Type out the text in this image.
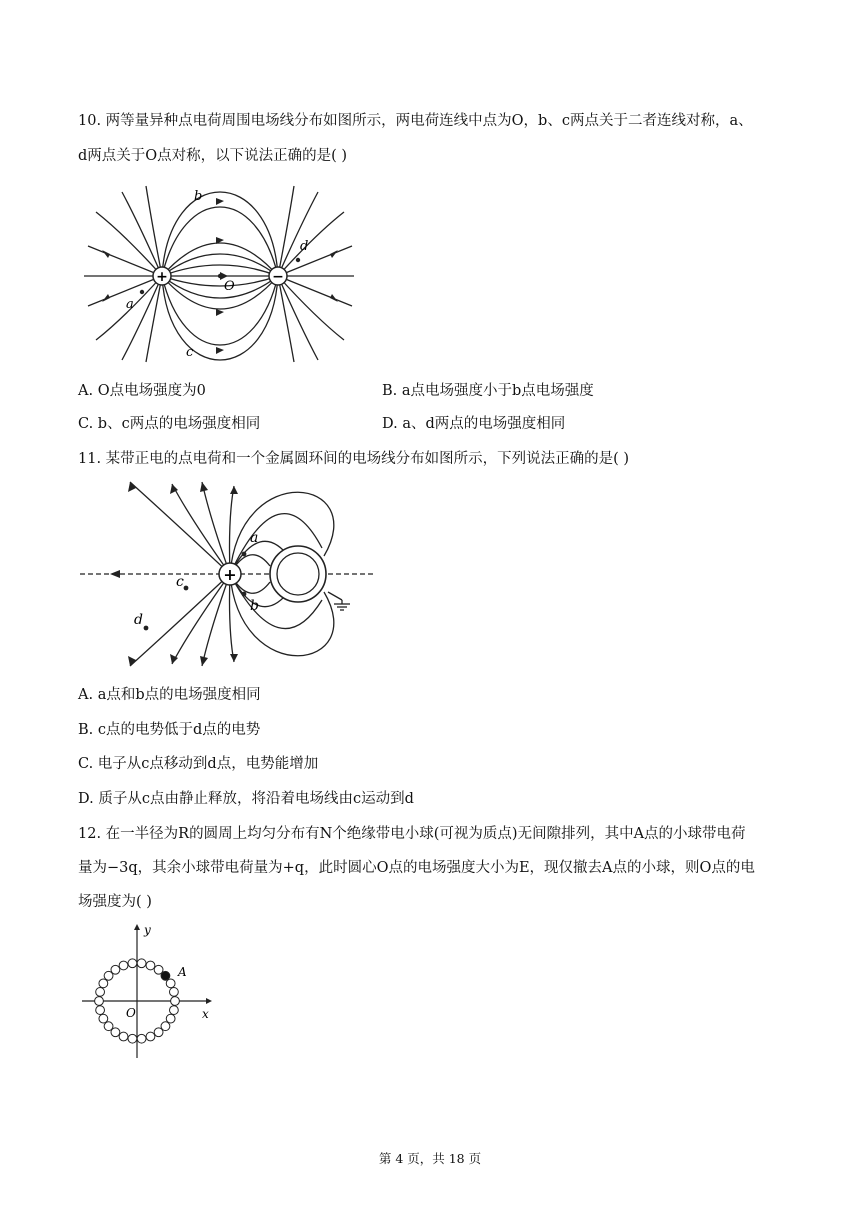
10. 两等量异种点电荷周围电场线分布如图所示，两电荷连线中点为O，b、c两点关于二者连线对称，a、
d两点关于O点对称，以下说法正确的是( )
+	−
b
d
a
c
O
A. O点电场强度为0	B. a点电场强度小于b点电场强度
C. b、c两点的电场强度相同	D. a、d两点的电场强度相同
11. 某带正电的点电荷和一个金属圆环间的电场线分布如图所示，下列说法正确的是( )
+
a
b
c
d
A. a点和b点的电场强度相同
B. c点的电势低于d点的电势
C. 电子从c点移动到d点，电势能增加
D. 质子从c点由静止释放，将沿着电场线由c运动到d
12. 在一半径为R的圆周上均匀分布有N个绝缘带电小球(可视为质点)无间隙排列，其中A点的小球带电荷
量为−3q，其余小球带电荷量为+q，此时圆心O点的电场强度大小为E，现仅撤去A点的小球，则O点的电
场强度为( )
y
x
O
A
第 4 页，共 18 页
